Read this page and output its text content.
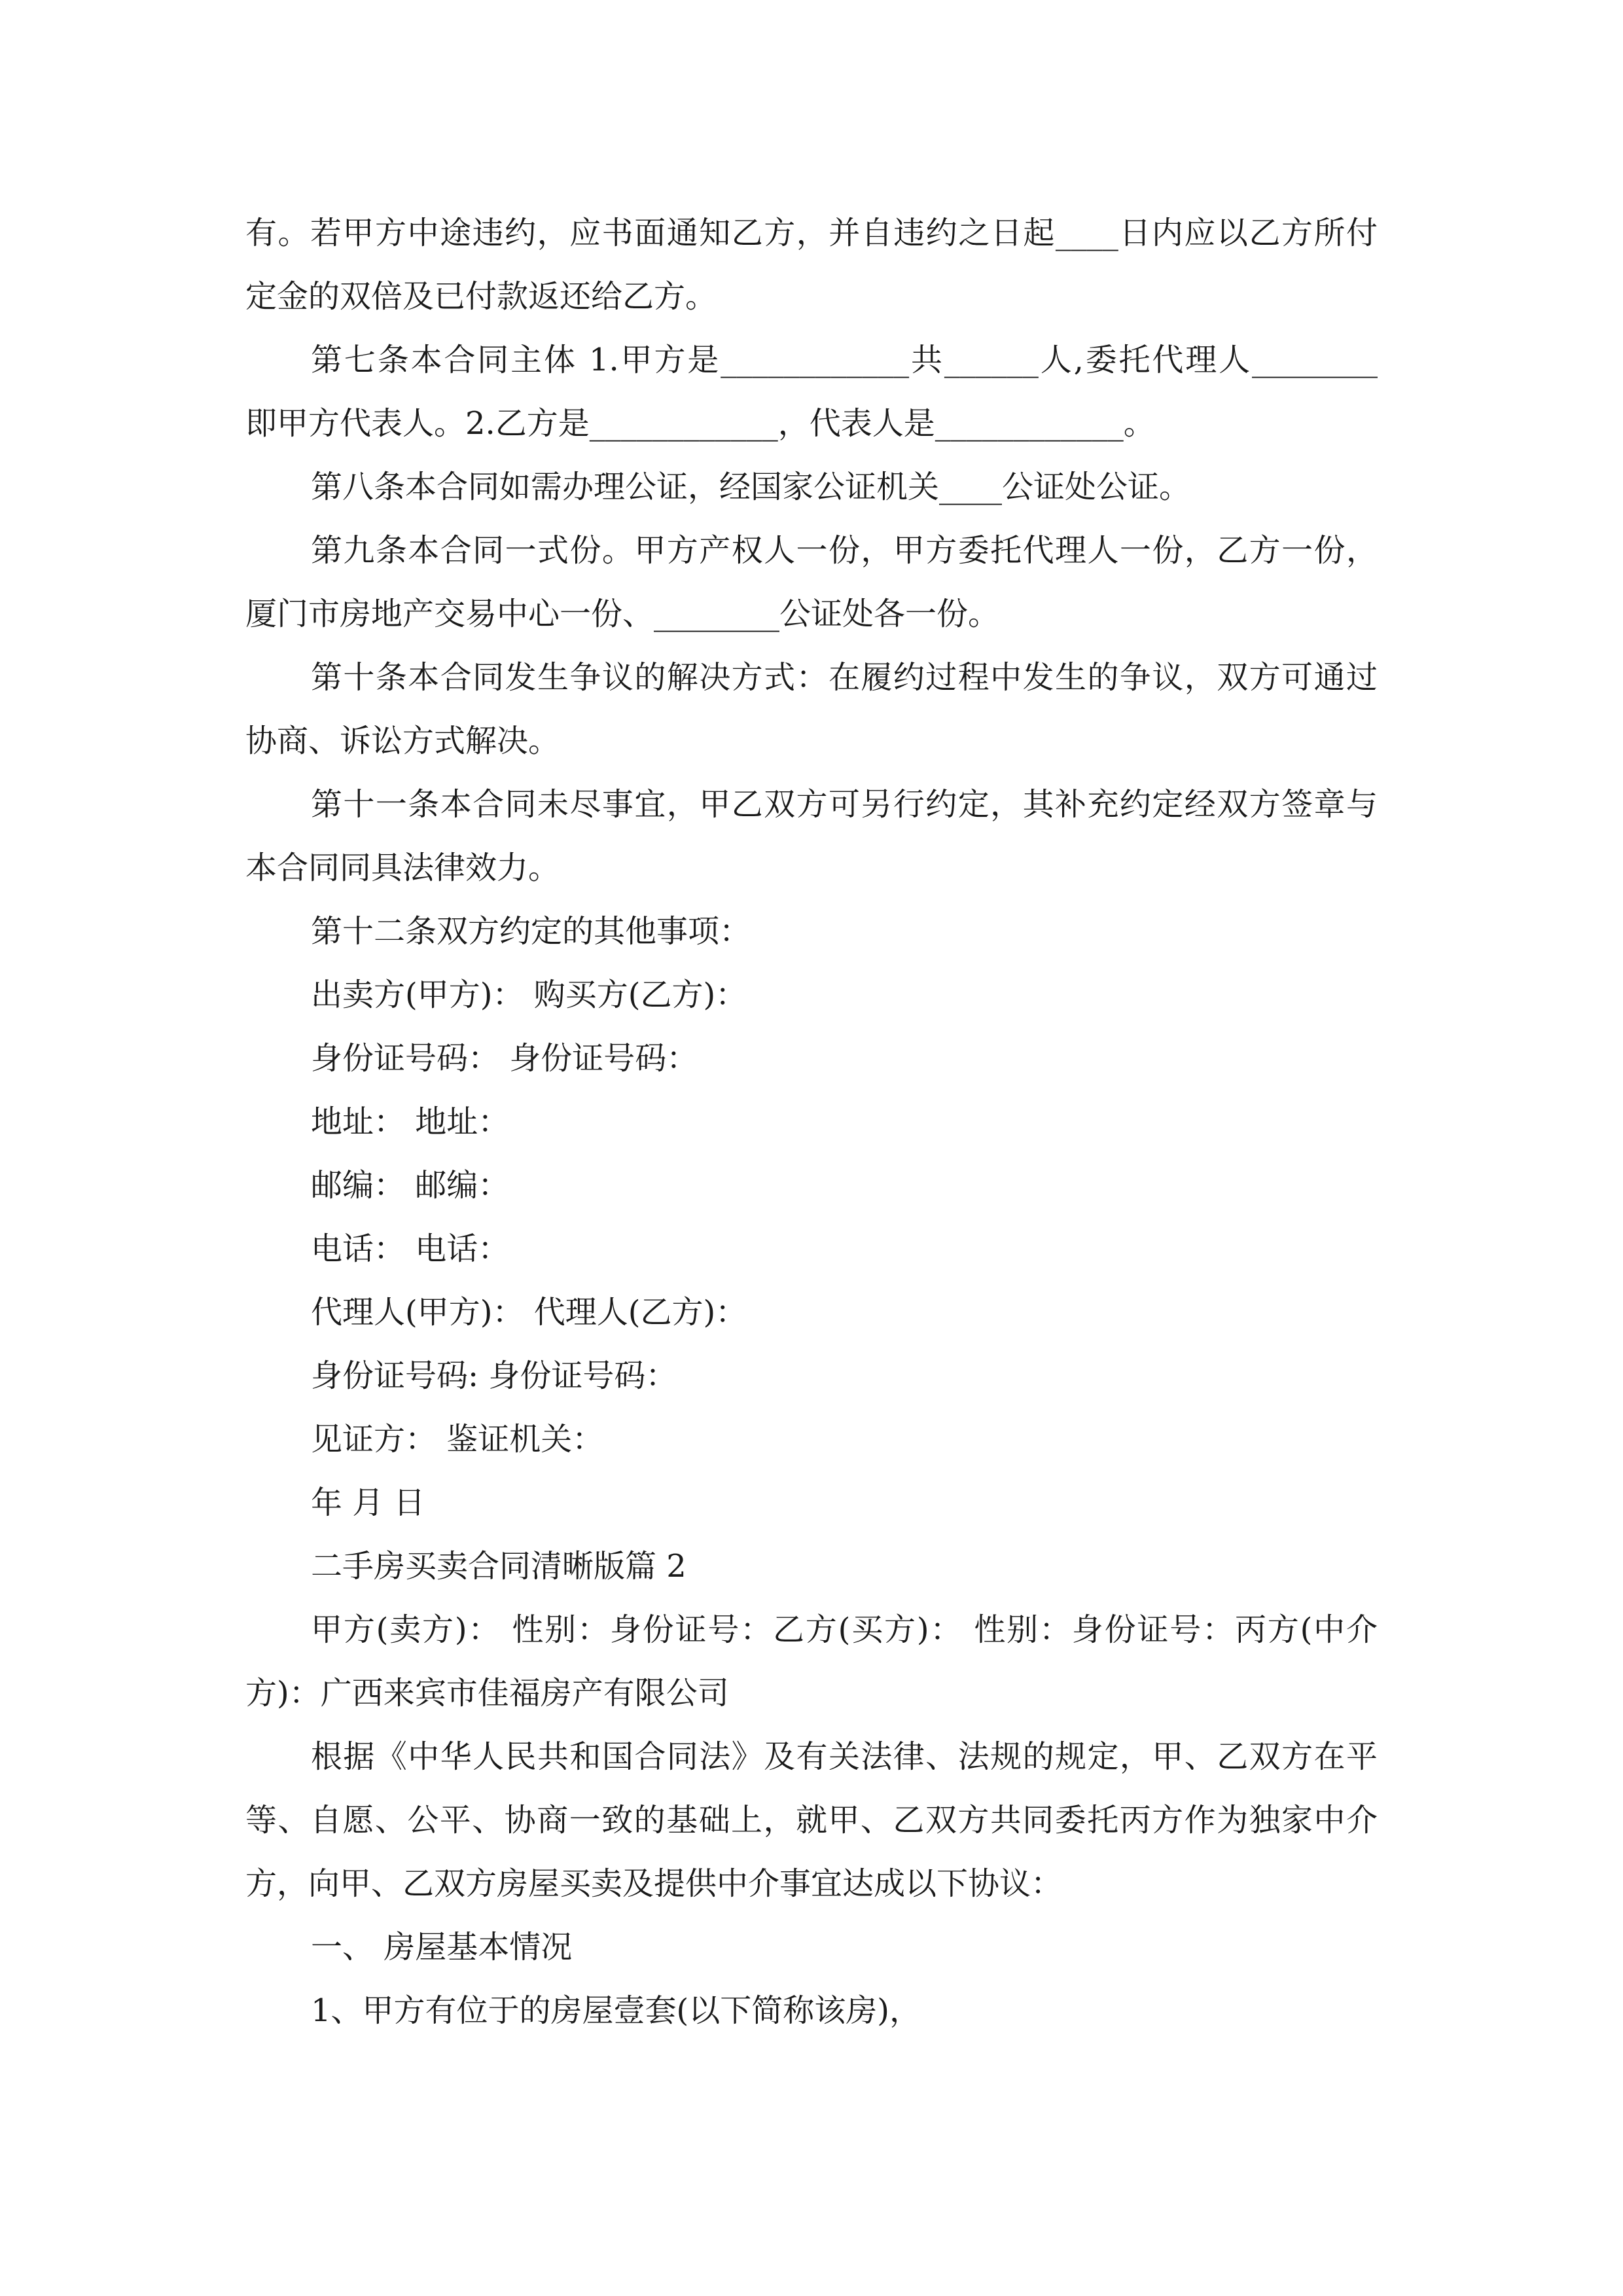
有。若甲方中途违约，应书面通知乙方，并自违约之日起____日内应以乙方所付
定金的双倍及已付款返还给乙方。
第七条本合同主体 1.甲方是____________共______人,委托代理人________
即甲方代表人。2.乙方是____________，代表人是____________。
第八条本合同如需办理公证，经国家公证机关____公证处公证。
第九条本合同一式份。甲方产权人一份，甲方委托代理人一份，乙方一份，
厦门市房地产交易中心一份、________公证处各一份。
第十条本合同发生争议的解决方式：在履约过程中发生的争议，双方可通过
协商、诉讼方式解决。
第十一条本合同未尽事宜，甲乙双方可另行约定，其补充约定经双方签章与
本合同同具法律效力。
第十二条双方约定的其他事项：
出卖方(甲方)： 购买方(乙方)：
身份证号码： 身份证号码：
地址： 地址：
邮编： 邮编：
电话： 电话：
代理人(甲方)： 代理人(乙方)：
身份证号码: 身份证号码：
见证方： 鉴证机关：
年 月 日
二手房买卖合同清晰版篇 2
甲方(卖方)： 性别：身份证号：乙方(买方)： 性别：身份证号：丙方(中介
方)：广西来宾市佳福房产有限公司
根据《中华人民共和国合同法》及有关法律、法规的规定，甲、乙双方在平
等、自愿、公平、协商一致的基础上，就甲、乙双方共同委托丙方作为独家中介
方，向甲、乙双方房屋买卖及提供中介事宜达成以下协议：
一、 房屋基本情况
1、甲方有位于的房屋壹套(以下简称该房)，
